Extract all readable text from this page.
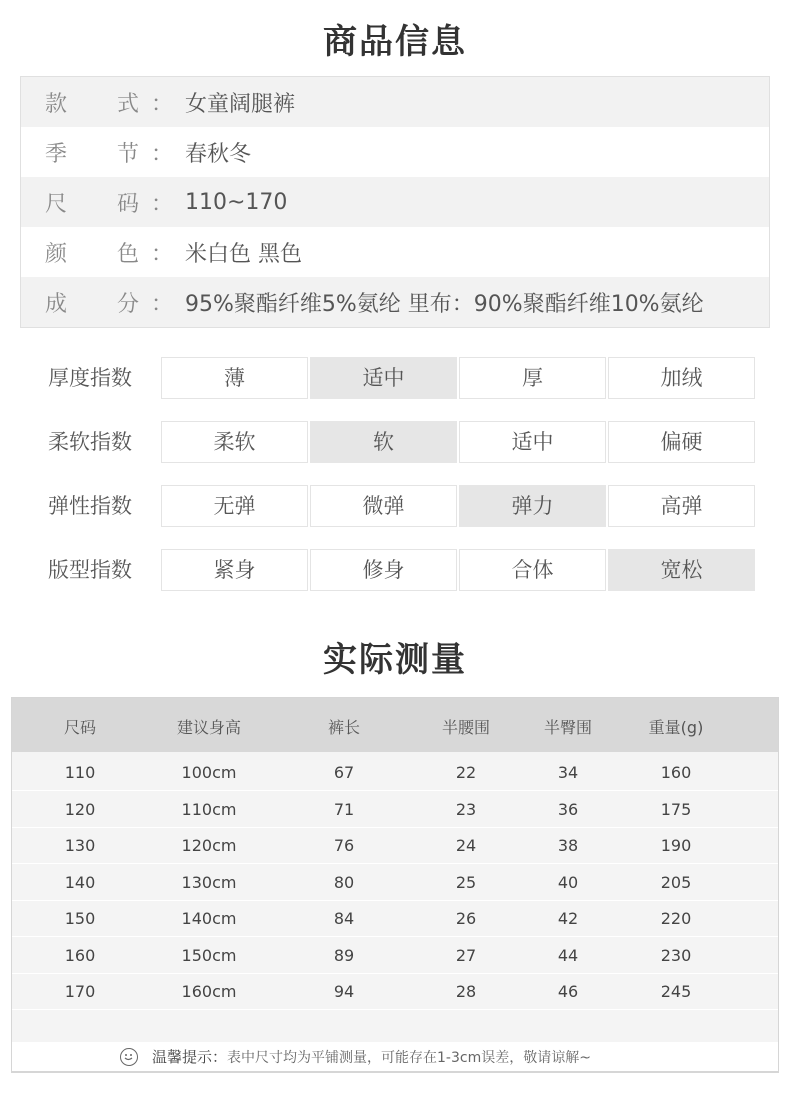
商品信息
款 式 ： 女童阔腿裤
季 节 ： 春秋冬
尺 码 ： 110~170
颜 色 ： 米白色 黑色
成 分 ： 95%聚酯纤维5%氨纶 里布：90%聚酯纤维10%氨纶
厚度指数	薄	适中	厚	加绒
柔软指数	柔软	软	适中	偏硬
弹性指数	无弹	微弹	弹力	高弹
版型指数	紧身	修身	合体	宽松
实际测量
尺码	建议身高	裤长	半腰围	半臀围	重量(g)
110	100cm	67	22	34	160
120	110cm	71	23	36	175
130	120cm	76	24	38	190
140	130cm	80	25	40	205
150	140cm	84	26	42	220
160	150cm	89	27	44	230
170	160cm	94	28	46	245
温馨提示：表中尺寸均为平铺测量，可能存在1-3cm误差，敬请谅解~
